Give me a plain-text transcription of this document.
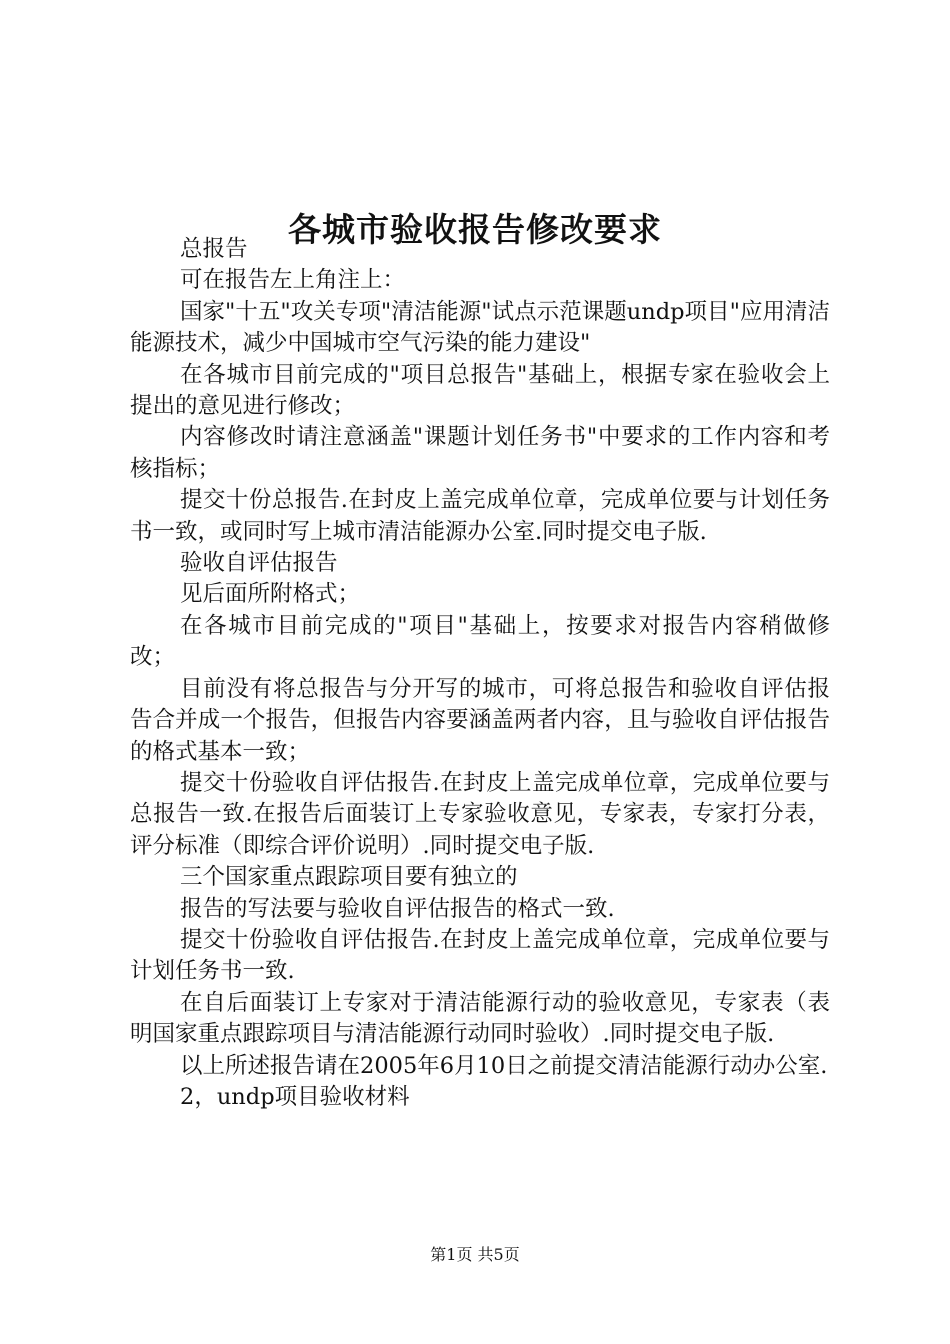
各城市验收报告修改要求

总报告

可在报告左上角注上：

国家"十五"攻关专项"清洁能源"试点示范课题undp项目"应用清洁能源技术，减少中国城市空气污染的能力建设"

在各城市目前完成的"项目总报告"基础上，根据专家在验收会上提出的意见进行修改；

内容修改时请注意涵盖"课题计划任务书"中要求的工作内容和考核指标；

提交十份总报告.在封皮上盖完成单位章，完成单位要与计划任务书一致，或同时写上城市清洁能源办公室.同时提交电子版.

验收自评估报告

见后面所附格式；

在各城市目前完成的"项目"基础上，按要求对报告内容稍做修改；

目前没有将总报告与分开写的城市，可将总报告和验收自评估报告合并成一个报告，但报告内容要涵盖两者内容，且与验收自评估报告的格式基本一致；

提交十份验收自评估报告.在封皮上盖完成单位章，完成单位要与总报告一致.在报告后面装订上专家验收意见，专家表，专家打分表，评分标准（即综合评价说明）.同时提交电子版.

三个国家重点跟踪项目要有独立的

报告的写法要与验收自评估报告的格式一致.

提交十份验收自评估报告.在封皮上盖完成单位章，完成单位要与计划任务书一致.

在自后面装订上专家对于清洁能源行动的验收意见，专家表（表明国家重点跟踪项目与清洁能源行动同时验收）.同时提交电子版.

以上所述报告请在2005年6月10日之前提交清洁能源行动办公室.

2，undp项目验收材料

第1页 共5页
